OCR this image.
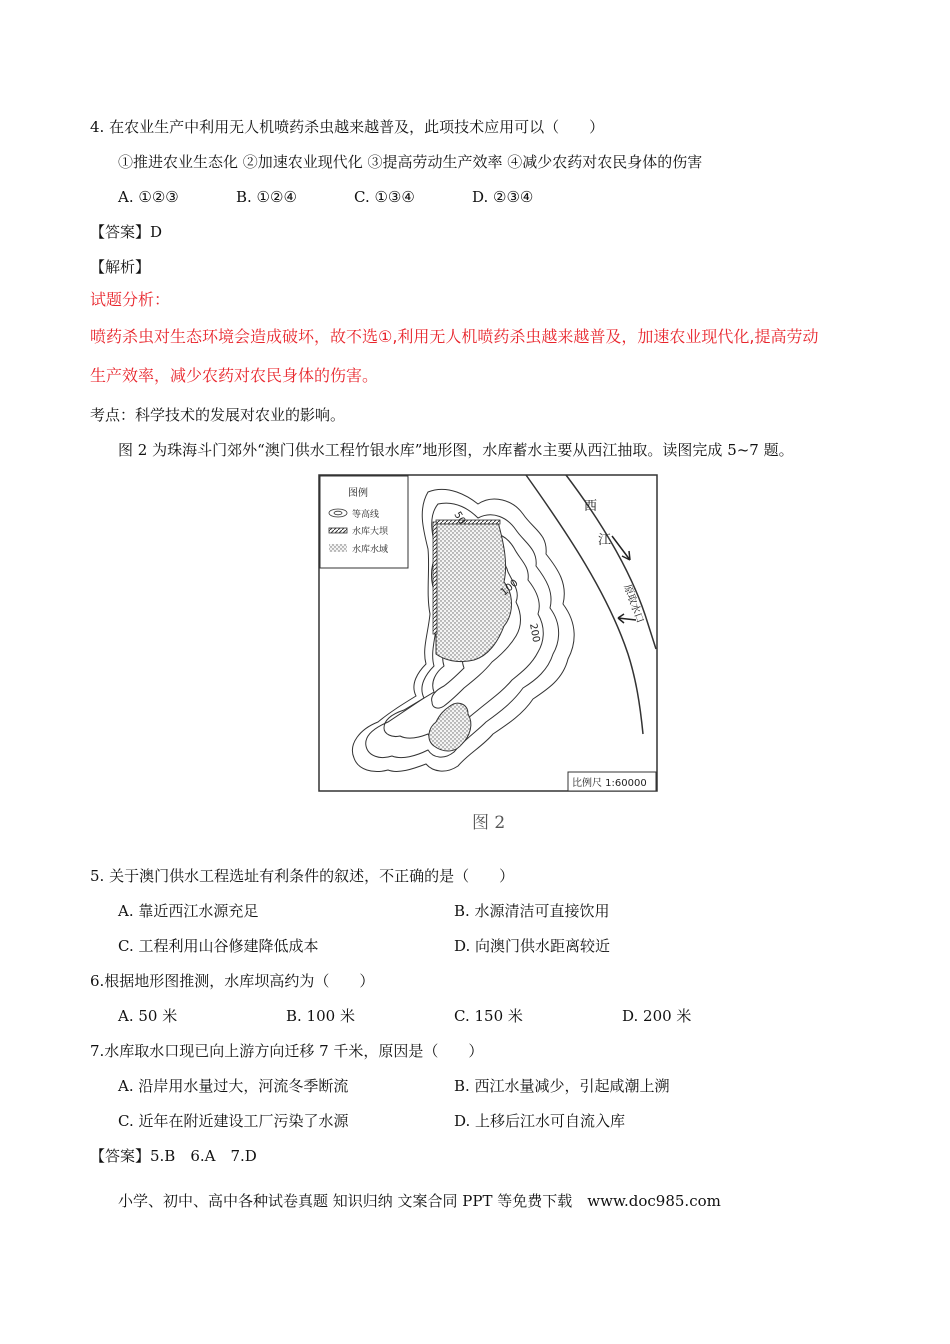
4. 在农业生产中利用无人机喷药杀虫越来越普及，此项技术应用可以（　　）
①推进农业生态化 ②加速农业现代化 ③提高劳动生产效率 ④减少农药对农民身体的伤害
A. ①②③	B. ①②④	C. ①③④	D. ②③④
【答案】D
【解析】
试题分析：
喷药杀虫对生态环境会造成破坏，故不选①,利用无人机喷药杀虫越来越普及，加速农业现代化,提高劳动
生产效率，减少农药对农民身体的伤害。
考点：科学技术的发展对农业的影响。
图 2 为珠海斗门郊外“澳门供水工程竹银水库”地形图，水库蓄水主要从西江抽取。读图完成 5~7 题。
西
江
原取水口
50
100
200
图例
等高线
水库大坝
水库水域
比例尺 1:60000
图 2
5. 关于澳门供水工程选址有利条件的叙述，不正确的是（　　）
A. 靠近西江水源充足	B. 水源清洁可直接饮用
C. 工程利用山谷修建降低成本	D. 向澳门供水距离较近
6.根据地形图推测，水库坝高约为（　　）
A. 50 米	B. 100 米	C. 150 米	D. 200 米
7.水库取水口现已向上游方向迁移 7 千米，原因是（　　）
A. 沿岸用水量过大，河流冬季断流	B. 西江水量减少，引起咸潮上溯
C. 近年在附近建设工厂污染了水源	D. 上移后江水可自流入库
【答案】5.B　6.A　7.D
小学、初中、高中各种试卷真题 知识归纳 文案合同 PPT 等免费下载　www.doc985.com
